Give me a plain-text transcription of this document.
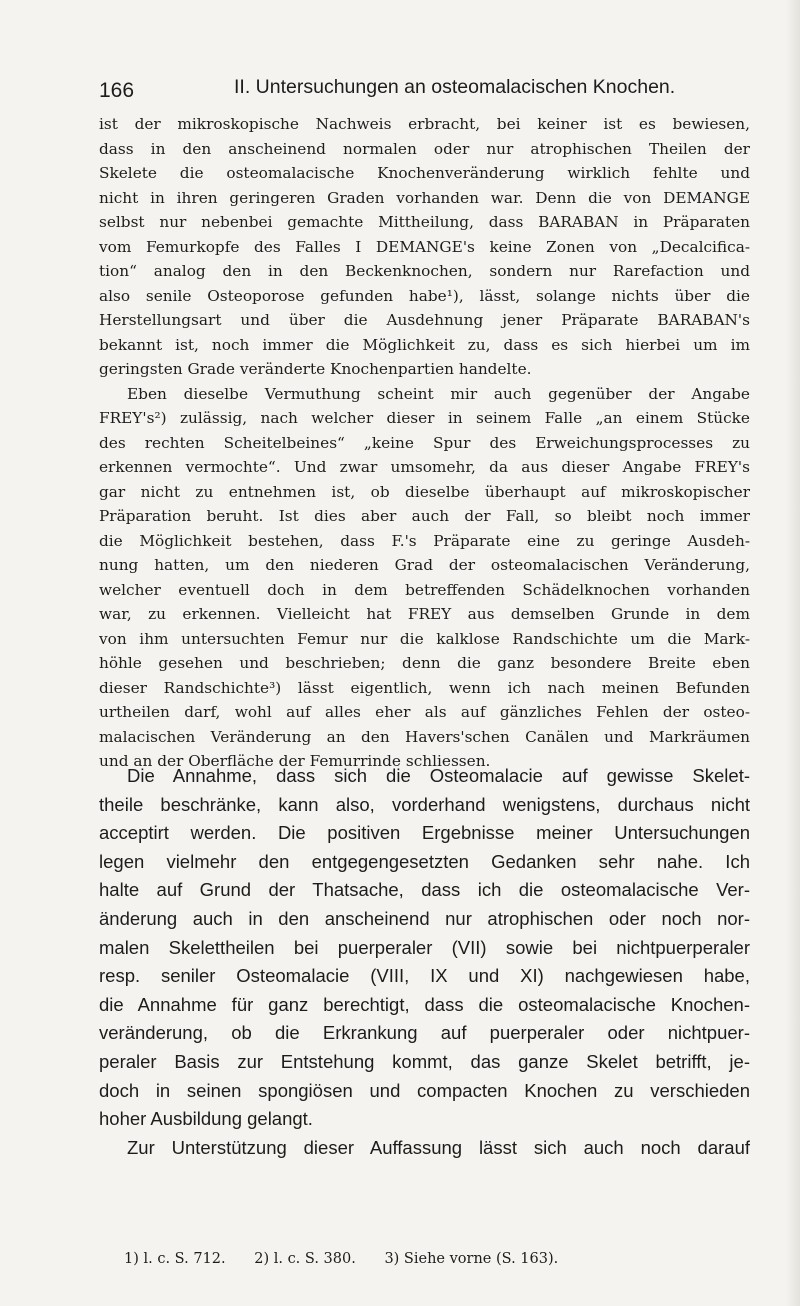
166	II. Untersuchungen an osteomalacischen Knochen.

ist der mikroskopische Nachweis erbracht, bei keiner ist es bewiesen,

dass in den anscheinend normalen oder nur atrophischen Theilen der

Skelete die osteomalacische Knochenveränderung wirklich fehlte und

nicht in ihren geringeren Graden vorhanden war. Denn die von DEMANGE

selbst nur nebenbei gemachte Mittheilung, dass BARABAN in Präparaten

vom Femurkopfe des Falles I DEMANGE's keine Zonen von „Decalcifica-

tion“ analog den in den Beckenknochen, sondern nur Rarefaction und

also senile Osteoporose gefunden habe¹), lässt, solange nichts über die

Herstellungsart und über die Ausdehnung jener Präparate BARABAN's

bekannt ist, noch immer die Möglichkeit zu, dass es sich hierbei um im

geringsten Grade veränderte Knochenpartien handelte.

Eben dieselbe Vermuthung scheint mir auch gegenüber der Angabe

FREY's²) zulässig, nach welcher dieser in seinem Falle „an einem Stücke

des rechten Scheitelbeines“ „keine Spur des Erweichungsprocesses zu

erkennen vermochte“. Und zwar umsomehr, da aus dieser Angabe FREY's

gar nicht zu entnehmen ist, ob dieselbe überhaupt auf mikroskopischer

Präparation beruht. Ist dies aber auch der Fall, so bleibt noch immer

die Möglichkeit bestehen, dass F.'s Präparate eine zu geringe Ausdeh-

nung hatten, um den niederen Grad der osteomalacischen Veränderung,

welcher eventuell doch in dem betreffenden Schädelknochen vorhanden

war, zu erkennen. Vielleicht hat FREY aus demselben Grunde in dem

von ihm untersuchten Femur nur die kalklose Randschichte um die Mark-

höhle gesehen und beschrieben; denn die ganz besondere Breite eben

dieser Randschichte³) lässt eigentlich, wenn ich nach meinen Befunden

urtheilen darf, wohl auf alles eher als auf gänzliches Fehlen der osteo-

malacischen Veränderung an den Havers'schen Canälen und Markräumen

und an der Oberfläche der Femurrinde schliessen.

Die Annahme, dass sich die Osteomalacie auf gewisse Skelet-

theile beschränke, kann also, vorderhand wenigstens, durchaus nicht

acceptirt werden. Die positiven Ergebnisse meiner Untersuchungen

legen vielmehr den entgegengesetzten Gedanken sehr nahe. Ich

halte auf Grund der Thatsache, dass ich die osteomalacische Ver-

änderung auch in den anscheinend nur atrophischen oder noch nor-

malen Skelettheilen bei puerperaler (VII) sowie bei nichtpuerperaler

resp. seniler Osteomalacie (VIII, IX und XI) nachgewiesen habe,

die Annahme für ganz berechtigt, dass die osteomalacische Knochen-

veränderung, ob die Erkrankung auf puerperaler oder nichtpuer-

peraler Basis zur Entstehung kommt, das ganze Skelet betrifft, je-

doch in seinen spongiösen und compacten Knochen zu verschieden

hoher Ausbildung gelangt.

Zur Unterstützung dieser Auffassung lässt sich auch noch darauf

1) l. c. S. 712. 2) l. c. S. 380. 3) Siehe vorne (S. 163).
